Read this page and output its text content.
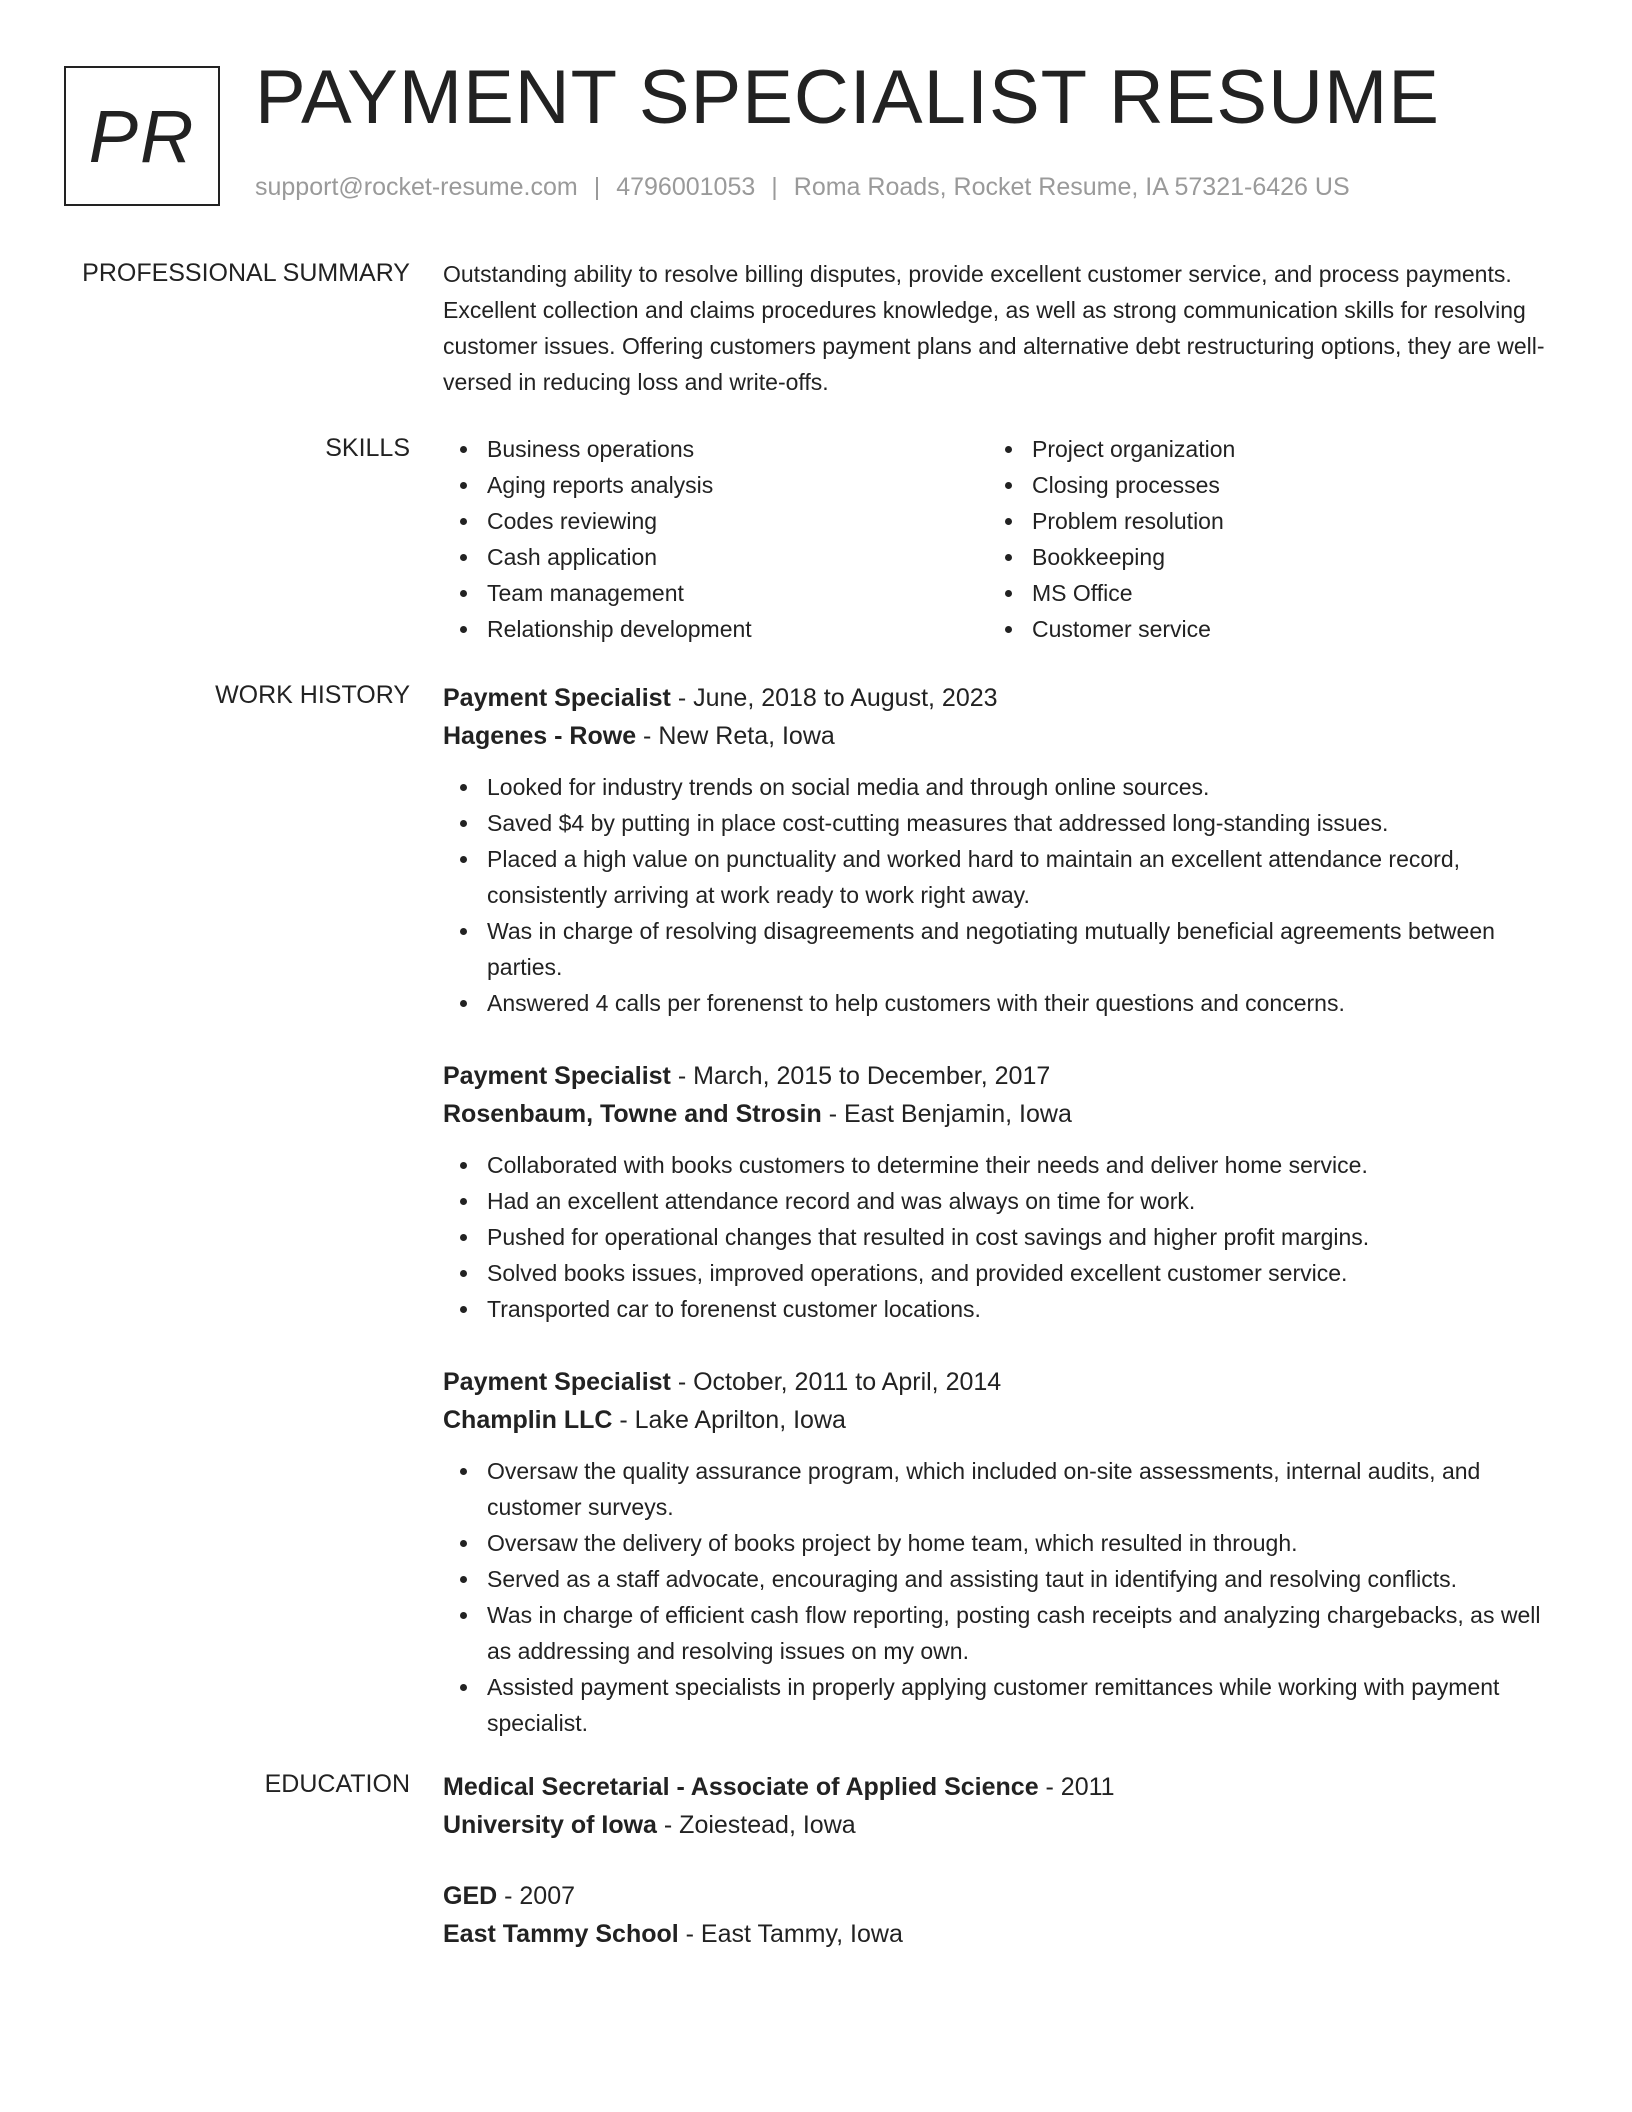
PR PAYMENT SPECIALIST RESUME
support@rocket-resume.com | 4796001053 | Roma Roads, Rocket Resume, IA 57321-6426 US
PROFESSIONAL SUMMARY Outstanding ability to resolve billing disputes, provide excellent customer service, and process payments. Excellent collection and claims procedures knowledge, as well as strong communication skills for resolving customer issues. Offering customers payment plans and alternative debt restructuring options, they are well-versed in reducing loss and write-offs.

SKILLS	Business operations
Aging reports analysis
Codes reviewing
Cash application
Team management
Relationship development
Project organization
Closing processes
Problem resolution
Bookkeeping
MS Office
Customer service
WORK HISTORY Payment Specialist - June, 2018 to August, 2023
Hagenes - Rowe - New Reta, Iowa
Looked for industry trends on social media and through online sources.
Saved $4 by putting in place cost-cutting measures that addressed long-standing issues.
Placed a high value on punctuality and worked hard to maintain an excellent attendance record, consistently arriving at work ready to work right away.
Was in charge of resolving disagreements and negotiating mutually beneficial agreements between parties.
Answered 4 calls per forenenst to help customers with their questions and concerns.
Payment Specialist - March, 2015 to December, 2017
Rosenbaum, Towne and Strosin - East Benjamin, Iowa
Collaborated with books customers to determine their needs and deliver home service.
Had an excellent attendance record and was always on time for work.
Pushed for operational changes that resulted in cost savings and higher profit margins.
Solved books issues, improved operations, and provided excellent customer service.
Transported car to forenenst customer locations.
Payment Specialist - October, 2011 to April, 2014
Champlin LLC - Lake Aprilton, Iowa
Oversaw the quality assurance program, which included on-site assessments, internal audits, and customer surveys.
Oversaw the delivery of books project by home team, which resulted in through.
Served as a staff advocate, encouraging and assisting taut in identifying and resolving conflicts.
Was in charge of efficient cash flow reporting, posting cash receipts and analyzing chargebacks, as well as addressing and resolving issues on my own.
Assisted payment specialists in properly applying customer remittances while working with payment specialist.
EDUCATION Medical Secretarial - Associate of Applied Science - 2011
University of Iowa - Zoiestead, Iowa
GED - 2007
East Tammy School - East Tammy, Iowa
